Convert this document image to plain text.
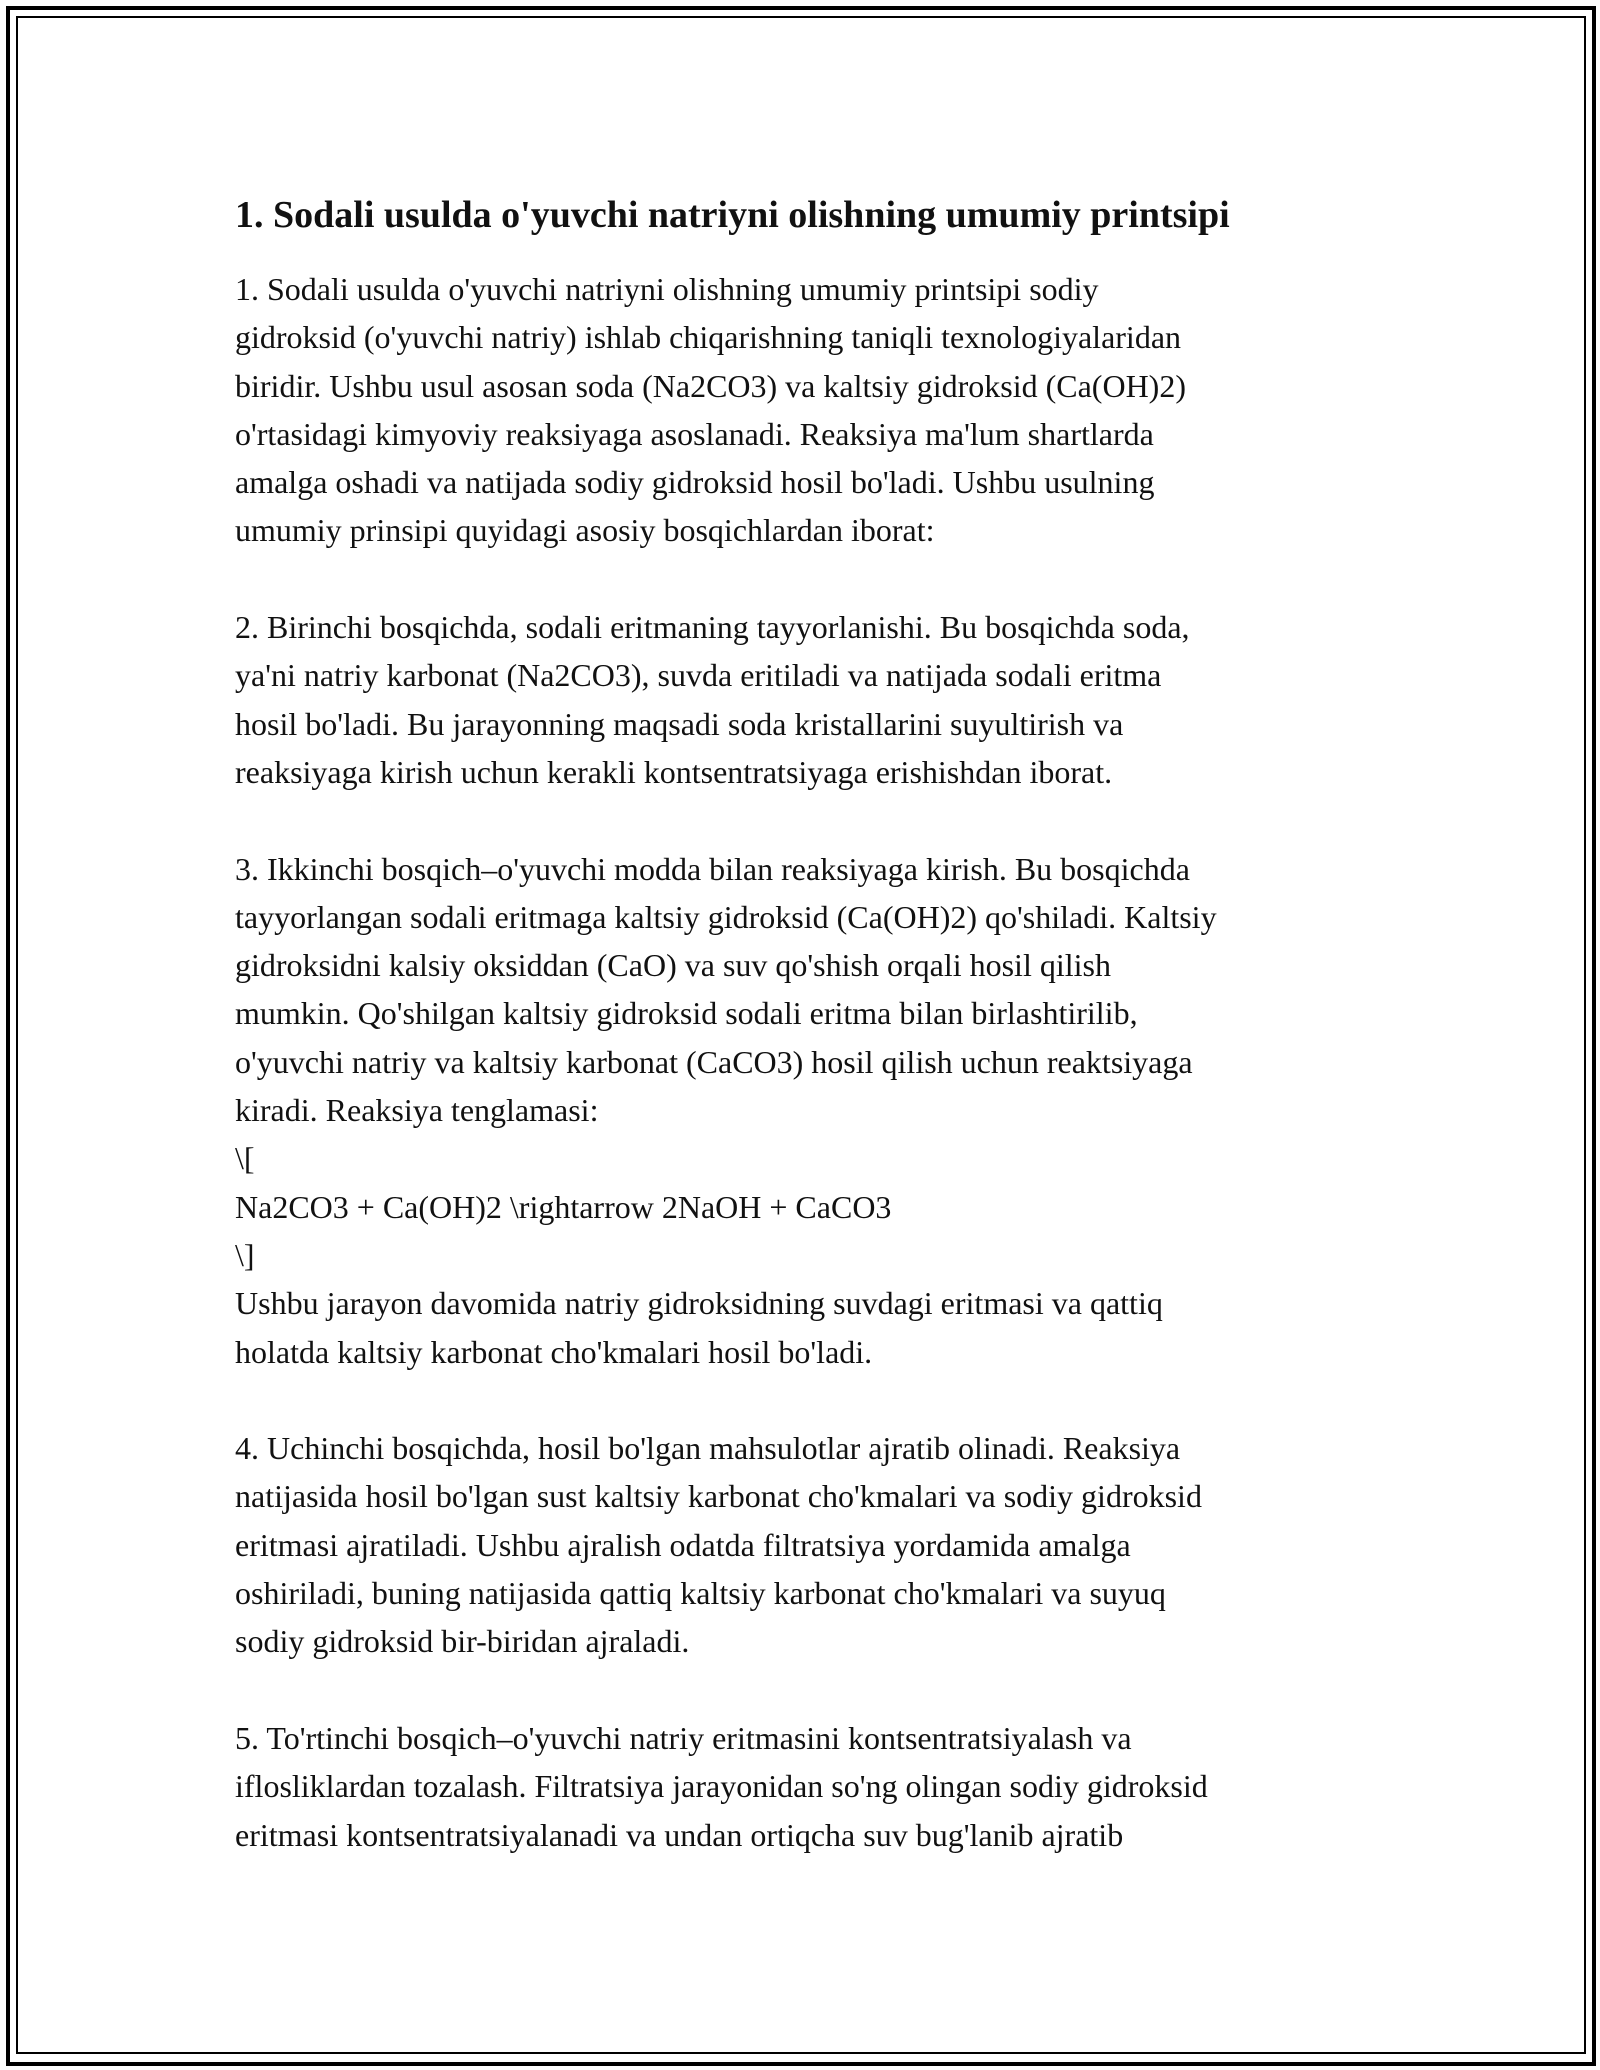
1. Sodali usulda o'yuvchi natriyni olishning umumiy printsipi

1. Sodali usulda o'yuvchi natriyni olishning umumiy printsipi sodiy
gidroksid (o'yuvchi natriy) ishlab chiqarishning taniqli texnologiyalaridan
biridir. Ushbu usul asosan soda (Na2CO3) va kaltsiy gidroksid (Ca(OH)2)
o'rtasidagi kimyoviy reaksiyaga asoslanadi. Reaksiya ma'lum shartlarda
amalga oshadi va natijada sodiy gidroksid hosil bo'ladi. Ushbu usulning
umumiy prinsipi quyidagi asosiy bosqichlardan iborat:

2. Birinchi bosqichda, sodali eritmaning tayyorlanishi. Bu bosqichda soda,
ya'ni natriy karbonat (Na2CO3), suvda eritiladi va natijada sodali eritma
hosil bo'ladi. Bu jarayonning maqsadi soda kristallarini suyultirish va
reaksiyaga kirish uchun kerakli kontsentratsiyaga erishishdan iborat.

3. Ikkinchi bosqich–o'yuvchi modda bilan reaksiyaga kirish. Bu bosqichda
tayyorlangan sodali eritmaga kaltsiy gidroksid (Ca(OH)2) qo'shiladi. Kaltsiy
gidroksidni kalsiy oksiddan (CaO) va suv qo'shish orqali hosil qilish
mumkin. Qo'shilgan kaltsiy gidroksid sodali eritma bilan birlashtirilib,
o'yuvchi natriy va kaltsiy karbonat (CaCO3) hosil qilish uchun reaktsiyaga
kiradi. Reaksiya tenglamasi:
\[
Na2CO3 + Ca(OH)2 \rightarrow 2NaOH + CaCO3
\]
Ushbu jarayon davomida natriy gidroksidning suvdagi eritmasi va qattiq
holatda kaltsiy karbonat cho'kmalari hosil bo'ladi.

4. Uchinchi bosqichda, hosil bo'lgan mahsulotlar ajratib olinadi. Reaksiya
natijasida hosil bo'lgan sust kaltsiy karbonat cho'kmalari va sodiy gidroksid
eritmasi ajratiladi. Ushbu ajralish odatda filtratsiya yordamida amalga
oshiriladi, buning natijasida qattiq kaltsiy karbonat cho'kmalari va suyuq
sodiy gidroksid bir-biridan ajraladi.

5. To'rtinchi bosqich–o'yuvchi natriy eritmasini kontsentratsiyalash va
iflosliklardan tozalash. Filtratsiya jarayonidan so'ng olingan sodiy gidroksid
eritmasi kontsentratsiyalanadi va undan ortiqcha suv bug'lanib ajratib
